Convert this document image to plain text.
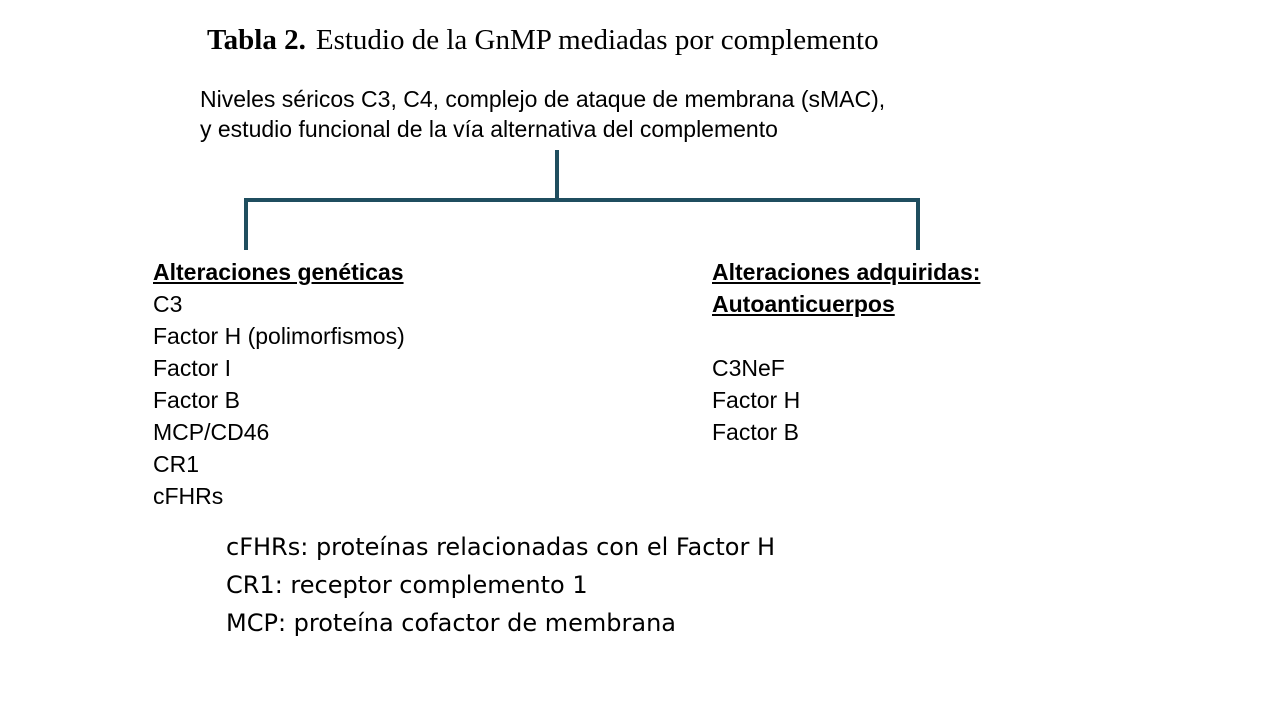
Tabla 2. Estudio de la GnMP mediadas por complemento
Niveles séricos C3, C4, complejo de ataque de membrana (sMAC),
y estudio funcional de la vía alternativa del complemento
Alteraciones genéticas
C3
Factor H (polimorfismos)
Factor I
Factor B
MCP/CD46
CR1
cFHRs
Alteraciones adquiridas:
Autoanticuerpos
C3NeF
Factor H
Factor B
cFHRs: proteínas relacionadas con el Factor H
CR1: receptor complemento 1
MCP: proteína cofactor de membrana
